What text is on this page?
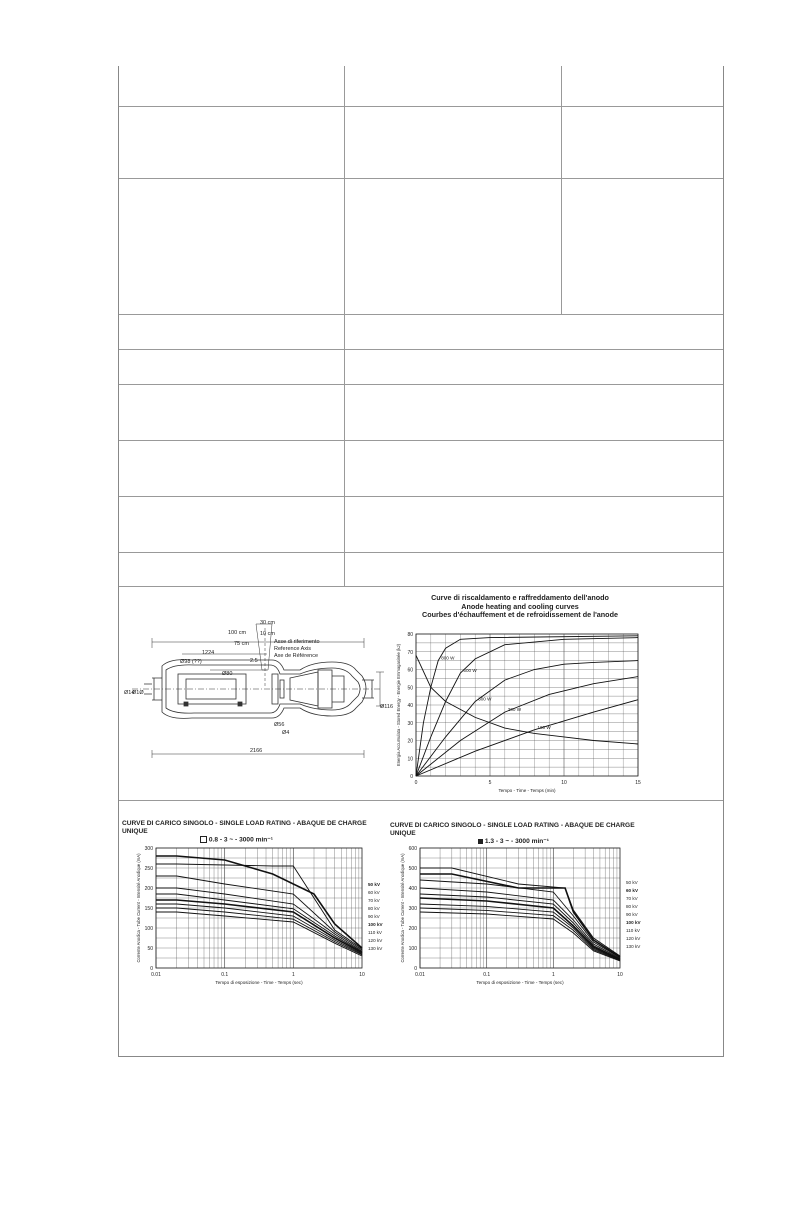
30 cm
100 cm	10 cm
75 cm	Asse di riferimento
Reference Axis
Axe de Référence
1224
Ø98 (??)
Ø80
2.5
Ø56
Ø116
Ø14
Ø1Ø
Ø4
2166
Curve di riscaldamento e raffreddamento dell'anodo
Anode heating and cooling curves
Courbes d'échauffement et de refroidissement de l'anode
0	5	10	15
0
10
20
30
40
50
60
70
80
Tempo - Time - Temps (min)
Energia Accumulata - Stored Energy - Energie Emmagasinée (kJ)	800 W
500 W
300 W
200 W
100 W
CURVE DI CARICO SINGOLO - SINGLE LOAD RATING - ABAQUE DE CHARGE UNIQUE
0.8 - 3 ~ - 3000 min⁻¹
0.01	0.1	1	10
0
50
100
150
200
250
300
Tempo di esposizione - Time - Temps (sec)
Corrente Anodica - Tube Current - Intensité Anodique (mA)	50 kV
60 kV
70 kV
80 kV
90 kV
100 kV
110 kV
120 kV
130 kV
CURVE DI CARICO SINGOLO - SINGLE LOAD RATING - ABAQUE DE CHARGE UNIQUE
1.3 - 3 ~ - 3000 min⁻¹
0.01	0.1	1	10
0
100
200
300
400
500
600
Tempo di esposizione - Time - Temps (sec)
Corrente Anodica - Tube Current - Intensité Anodique (mA)	50 kV
60 kV
70 kV
80 kV
90 kV
100 kV
110 kV
120 kV
130 kV
